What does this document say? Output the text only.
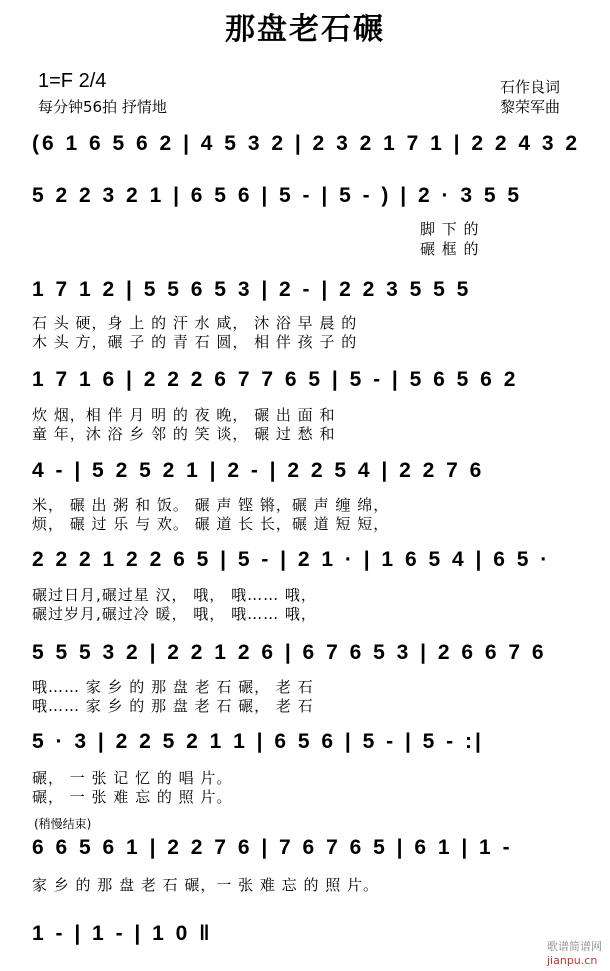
那盘老石碾
1=F 2/4
每分钟56拍 抒情地
石作良词
黎荣军曲
(6 1 6 5 6 2 | 4 5 3 2 | 2 3 2 1 7 1 | 2 2 4 3 2
5 2 2 3 2 1 | 6 5 6 | 5 - | 5 - ) | 2 · 3 5 5
脚 下 的
碾 框 的
1 7 1 2 | 5 5 6 5 3 | 2 - | 2 2 3 5 5 5
石 头 硬，身 上 的 汗 水 咸， 沐 浴 早 晨 的
木 头 方，碾 子 的 青 石 圆， 相 伴 孩 子 的
1 7 1 6 | 2 2 2 6 7 7 6 5 | 5 - | 5 6 5 6 2
炊 烟，相 伴 月 明 的 夜 晚， 碾 出 面 和
童 年，沐 浴 乡 邻 的 笑 谈， 碾 过 愁 和
4 - | 5 2 5 2 1 | 2 - | 2 2 5 4 | 2 2 7 6
米， 碾 出 粥 和 饭。 碾 声 铿 锵，碾 声 缠 绵，
烦， 碾 过 乐 与 欢。 碾 道 长 长，碾 道 短 短，
2 2 2 1 2 2 6 5 | 5 - | 2 1 · | 1 6 5 4 | 6 5 ·
碾过日月,碾过星 汉， 哦， 哦…… 哦，
碾过岁月,碾过冷 暖， 哦， 哦…… 哦，
5 5 5 3 2 | 2 2 1 2 6 | 6 7 6 5 3 | 2 6 6 7 6
哦…… 家 乡 的 那 盘 老 石 碾， 老 石
哦…… 家 乡 的 那 盘 老 石 碾， 老 石
5 · 3 | 2 2 5 2 1 1 | 6 5 6 | 5 - | 5 - :|
碾， 一 张 记 忆 的 唱 片。
碾， 一 张 难 忘 的 照 片。
(稍慢结束)
6 6 5 6 1 | 2 2 7 6 | 7 6 7 6 5 | 6 1 | 1 -
家 乡 的 那 盘 老 石 碾，一 张 难 忘 的 照 片。
1 - | 1 - | 1 0 ‖

歌谱简谱网
jianpu.cn
